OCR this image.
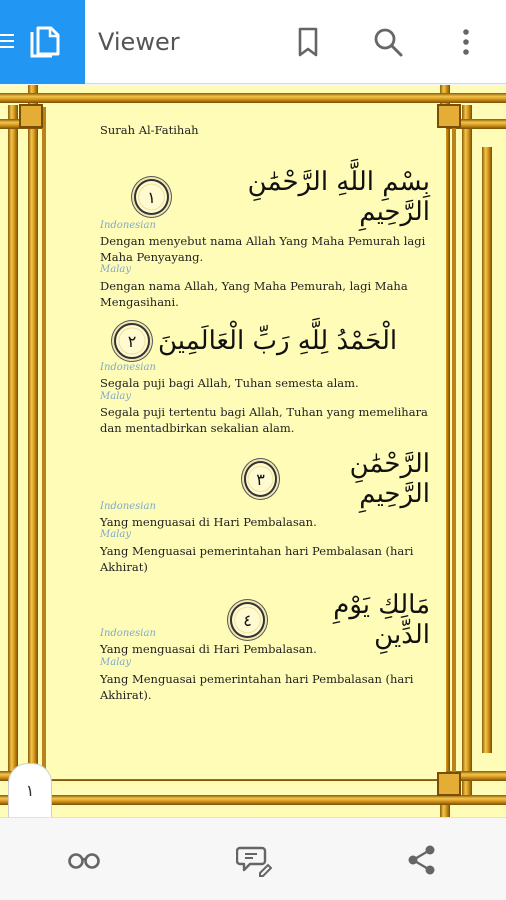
Viewer
Surah Al-Fatihah
١	بِسْمِ اللَّهِ الرَّحْمَٰنِ الرَّحِيمِ
Indonesian
Dengan menyebut nama Allah Yang Maha Pemurah lagi Maha Penyayang.
Malay
Dengan nama Allah, Yang Maha Pemurah, lagi Maha Mengasihani.
٢ الْحَمْدُ لِلَّهِ رَبِّ الْعَالَمِينَ
Indonesian
Segala puji bagi Allah, Tuhan semesta alam.
Malay
Segala puji tertentu bagi Allah, Tuhan yang memelihara dan mentadbirkan sekalian alam.
٣	الرَّحْمَٰنِ الرَّحِيمِ
Indonesian
Yang menguasai di Hari Pembalasan.
Malay
Yang Menguasai pemerintahan hari Pembalasan (hari Akhirat)
٤	مَالِكِ يَوْمِ الدِّينِ
Indonesian
Yang menguasai di Hari Pembalasan.
Malay
Yang Menguasai pemerintahan hari Pembalasan (hari Akhirat).
١
